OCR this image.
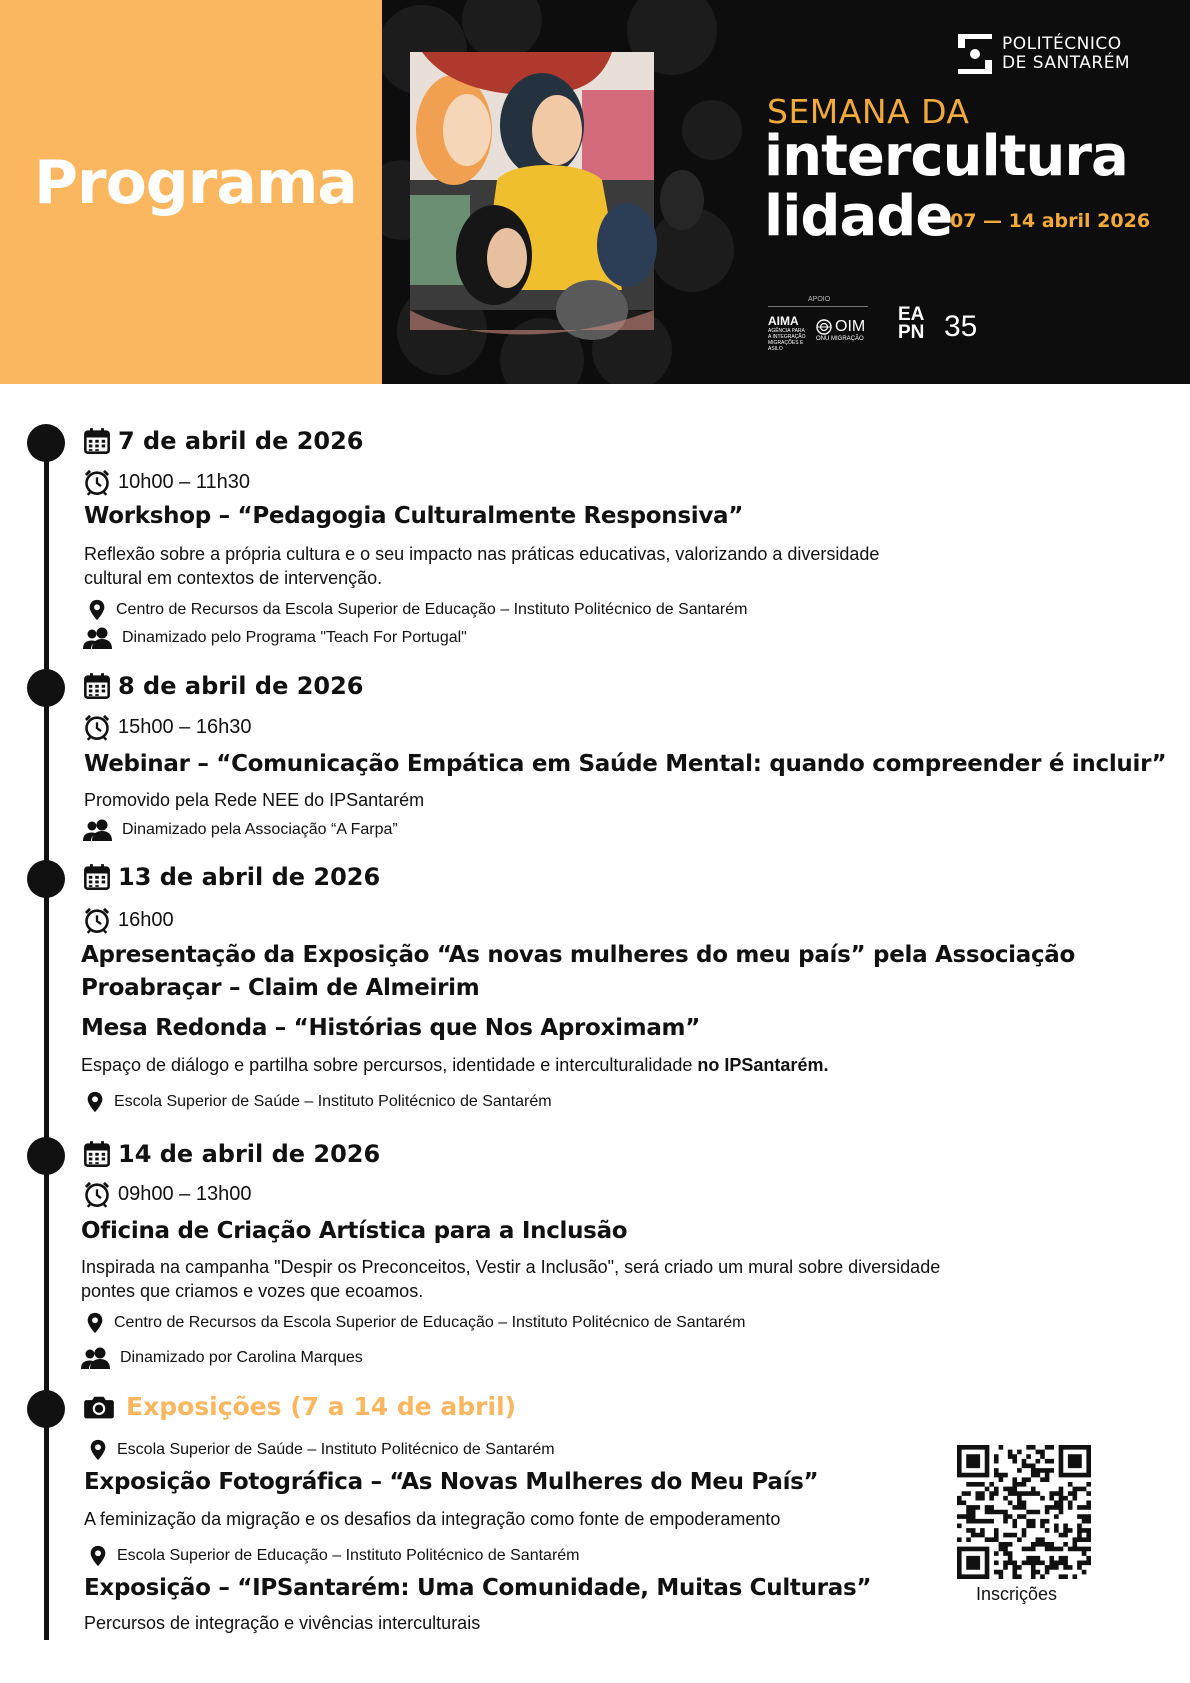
Programa
POLITÉCNICO
DE SANTARÉM
SEMANA DA
intercultura
lidade
07 — 14 abril 2026
APOIO
AIMA
AGÊNCIA PARA A INTEGRAÇÃO MIGRAÇÕES E ASILO
OIM
ONU MIGRAÇÃO
EA
PN 35
7 de abril de 2026
10h00 – 11h30
Workshop – “Pedagogia Culturalmente Responsiva”
Reflexão sobre a própria cultura e o seu impacto nas práticas educativas, valorizando a diversidade
cultural em contextos de intervenção.
Centro de Recursos da Escola Superior de Educação – Instituto Politécnico de Santarém
Dinamizado pelo Programa "Teach For Portugal"
8 de abril de 2026
15h00 – 16h30
Webinar – “Comunicação Empática em Saúde Mental: quando compreender é incluir”
Promovido pela Rede NEE do IPSantarém
Dinamizado pela Associação “A Farpa”
13 de abril de 2026
16h00
Apresentação da Exposição “As novas mulheres do meu país” pela Associação
Proabraçar – Claim de Almeirim
Mesa Redonda – “Histórias que Nos Aproximam”
Espaço de diálogo e partilha sobre percursos, identidade e interculturalidade no IPSantarém.
Escola Superior de Saúde – Instituto Politécnico de Santarém
14 de abril de 2026
09h00 – 13h00
Oficina de Criação Artística para a Inclusão
Inspirada na campanha "Despir os Preconceitos, Vestir a Inclusão", será criado um mural sobre diversidade
pontes que criamos e vozes que ecoamos.
Centro de Recursos da Escola Superior de Educação – Instituto Politécnico de Santarém
Dinamizado por Carolina Marques
Exposições (7 a 14 de abril)
Escola Superior de Saúde – Instituto Politécnico de Santarém
Exposição Fotográfica – “As Novas Mulheres do Meu País”
A feminização da migração e os desafios da integração como fonte de empoderamento
Escola Superior de Educação – Instituto Politécnico de Santarém
Exposição – “IPSantarém: Uma Comunidade, Muitas Culturas”
Percursos de integração e vivências interculturais
Inscrições
